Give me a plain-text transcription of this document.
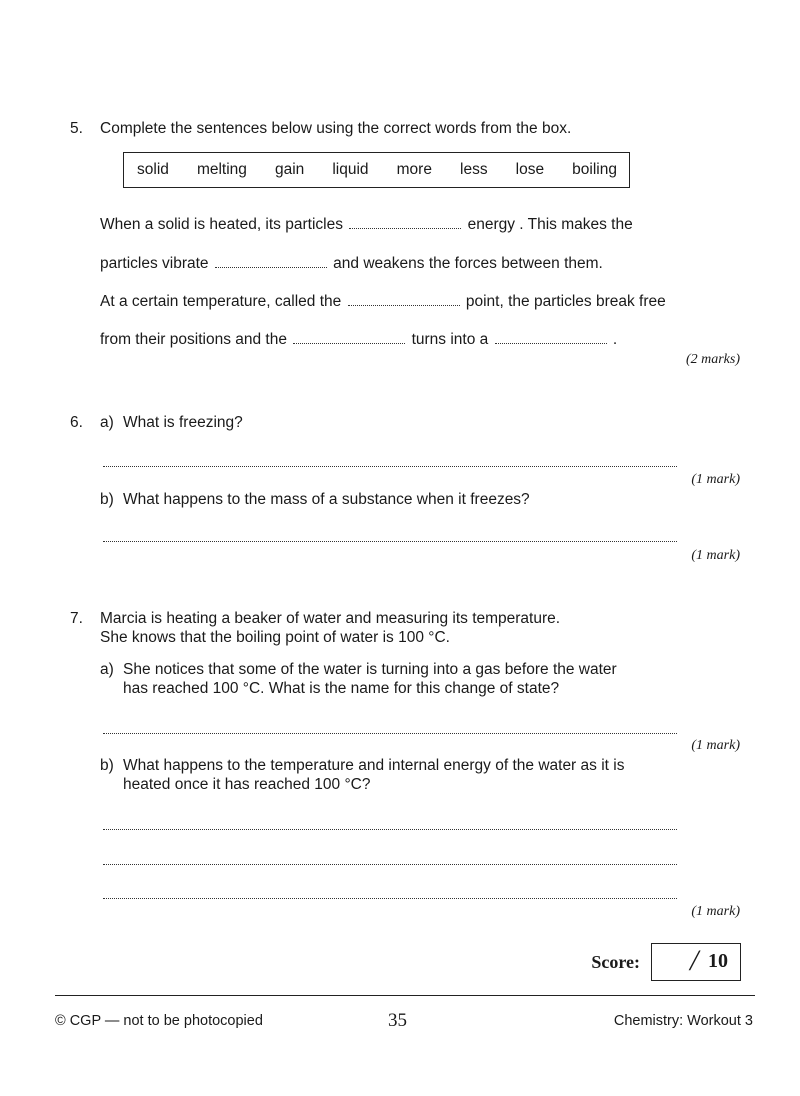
5. Complete the sentences below using the correct words from the box.
solid melting gain liquid more less lose boiling
When a solid is heated, its particles	energy . This makes the
particles vibrate	and weakens the forces between them.
At a certain temperature, called the	point, the particles break free
from their positions and the	turns into a	.
(2 marks)
6. a) What is freezing?
(1 mark)
b) What happens to the mass of a substance when it freezes?
(1 mark)
7. Marcia is heating a beaker of water and measuring its temperature.
She knows that the boiling point of water is 100 °C.
a) She notices that some of the water is turning into a gas before the water
has reached 100 °C. What is the name for this change of state?
(1 mark)
b) What happens to the temperature and internal energy of the water as it is
heated once it has reached 100 °C?
(1 mark)
Score: / 10
© CGP — not to be photocopied	35	Chemistry: Workout 3
